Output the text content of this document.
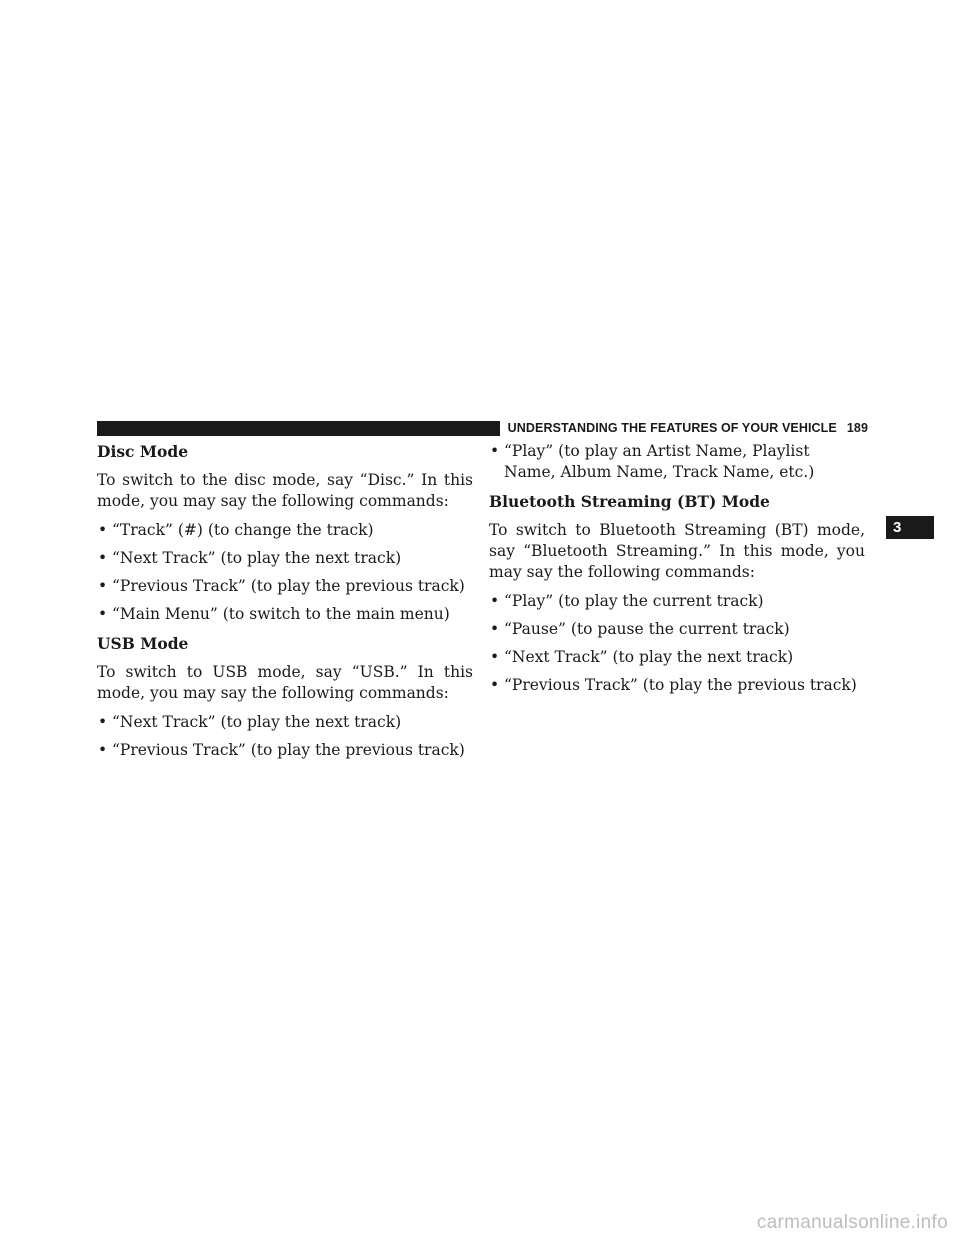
UNDERSTANDING THE FEATURES OF YOUR VEHICLE 189
3

Disc Mode

To switch to the disc mode, say “Disc.” In this mode, you may say the following commands:

• “Track” (#) (to change the track)

• “Next Track” (to play the next track)

• “Previous Track” (to play the previous track)

• “Main Menu” (to switch to the main menu)

USB Mode

To switch to USB mode, say “USB.” In this mode, you may say the following commands:

• “Next Track” (to play the next track)

• “Previous Track” (to play the previous track)

• “Play” (to play an Artist Name, Playlist Name, Album Name, Track Name, etc.)

Bluetooth Streaming (BT) Mode

To switch to Bluetooth Streaming (BT) mode, say “Bluetooth Streaming.” In this mode, you may say the following commands:

• “Play” (to play the current track)

• “Pause” (to pause the current track)

• “Next Track” (to play the next track)

• “Previous Track” (to play the previous track)

carmanualsonline.info
